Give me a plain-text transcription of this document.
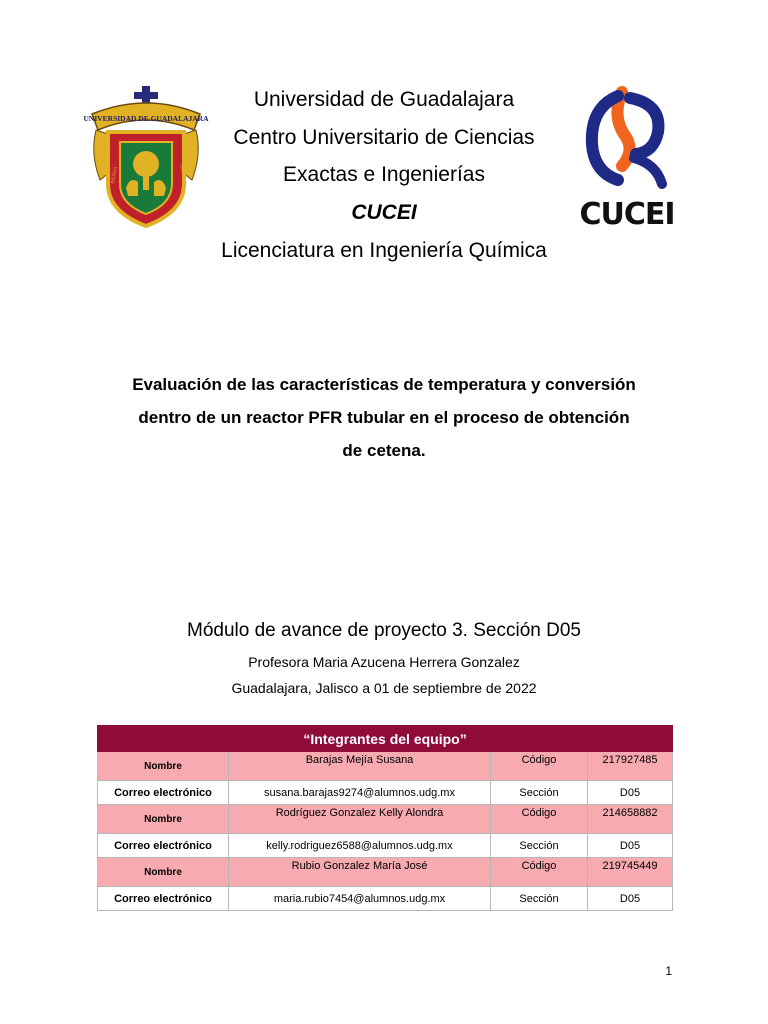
UNIVERSIDAD DE GUADALAJARA
PIENSA	TRABAJA
CUCEI
Universidad de Guadalajara
Centro Universitario de Ciencias
Exactas e Ingenierías
CUCEI
Licenciatura en Ingeniería Química
Evaluación de las características de temperatura y conversión
dentro de un reactor PFR tubular en el proceso de obtención
de cetena.
Módulo de avance de proyecto 3. Sección D05
Profesora Maria Azucena Herrera Gonzalez
Guadalajara, Jalisco a 01 de septiembre de 2022
“Integrantes del equipo”			
Nombre	Barajas Mejía Susana	Código	217927485
Correo electrónico	susana.barajas9274@alumnos.udg.mx	Sección	D05
Nombre	Rodríguez Gonzalez Kelly Alondra	Código	214658882
Correo electrónico	kelly.rodriguez6588@alumnos.udg.mx	Sección	D05
Nombre	Rubio Gonzalez María José	Código	219745449
Correo electrónico	maria.rubio7454@alumnos.udg.mx	Sección	D05
1
